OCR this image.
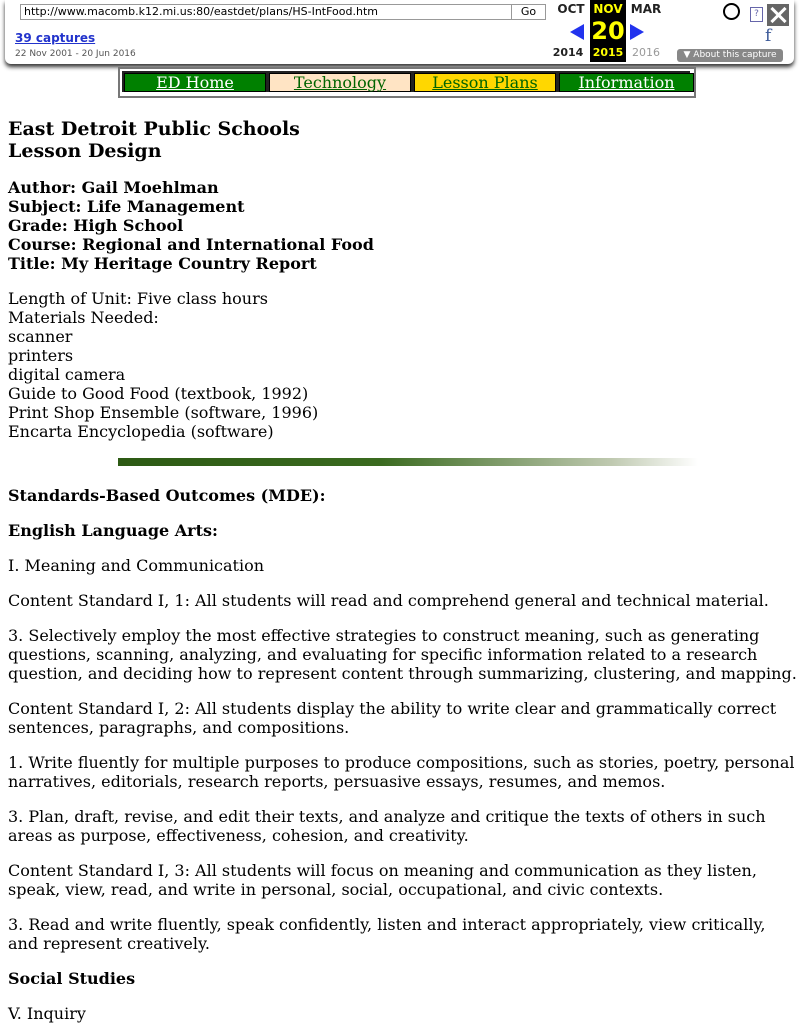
http://www.macomb.k12.mi.us:80/eastdet/plans/HS-IntFood.htm	Go
39 captures
22 Nov 2001 - 20 Jun 2016
OCT
2014
NOV
20
2015
MAR
2016
?
f
▼ About this capture
ED Home	Technology	Lesson Plans	Information
East Detroit Public Schools
Lesson Design
Author: Gail Moehlman
Subject: Life Management
Grade: High School
Course: Regional and International Food
Title: My Heritage Country Report
Length of Unit: Five class hours
Materials Needed:
scanner
printers
digital camera
Guide to Good Food (textbook, 1992)
Print Shop Ensemble (software, 1996)
Encarta Encyclopedia (software)
Standards-Based Outcomes (MDE):
English Language Arts:
I. Meaning and Communication
Content Standard I, 1: All students will read and comprehend general and technical material.
3. Selectively employ the most effective strategies to construct meaning, such as generating questions, scanning, analyzing, and evaluating for specific information related to a research question, and deciding how to represent content through summarizing, clustering, and mapping.
Content Standard I, 2: All students display the ability to write clear and grammatically correct sentences, paragraphs, and compositions.
1. Write fluently for multiple purposes to produce compositions, such as stories, poetry, personal narratives, editorials, research reports, persuasive essays, resumes, and memos.
3. Plan, draft, revise, and edit their texts, and analyze and critique the texts of others in such areas as purpose, effectiveness, cohesion, and creativity.
Content Standard I, 3: All students will focus on meaning and communication as they listen, speak, view, read, and write in personal, social, occupational, and civic contexts.
3. Read and write fluently, speak confidently, listen and interact appropriately, view critically, and represent creatively.
Social Studies
V. Inquiry
